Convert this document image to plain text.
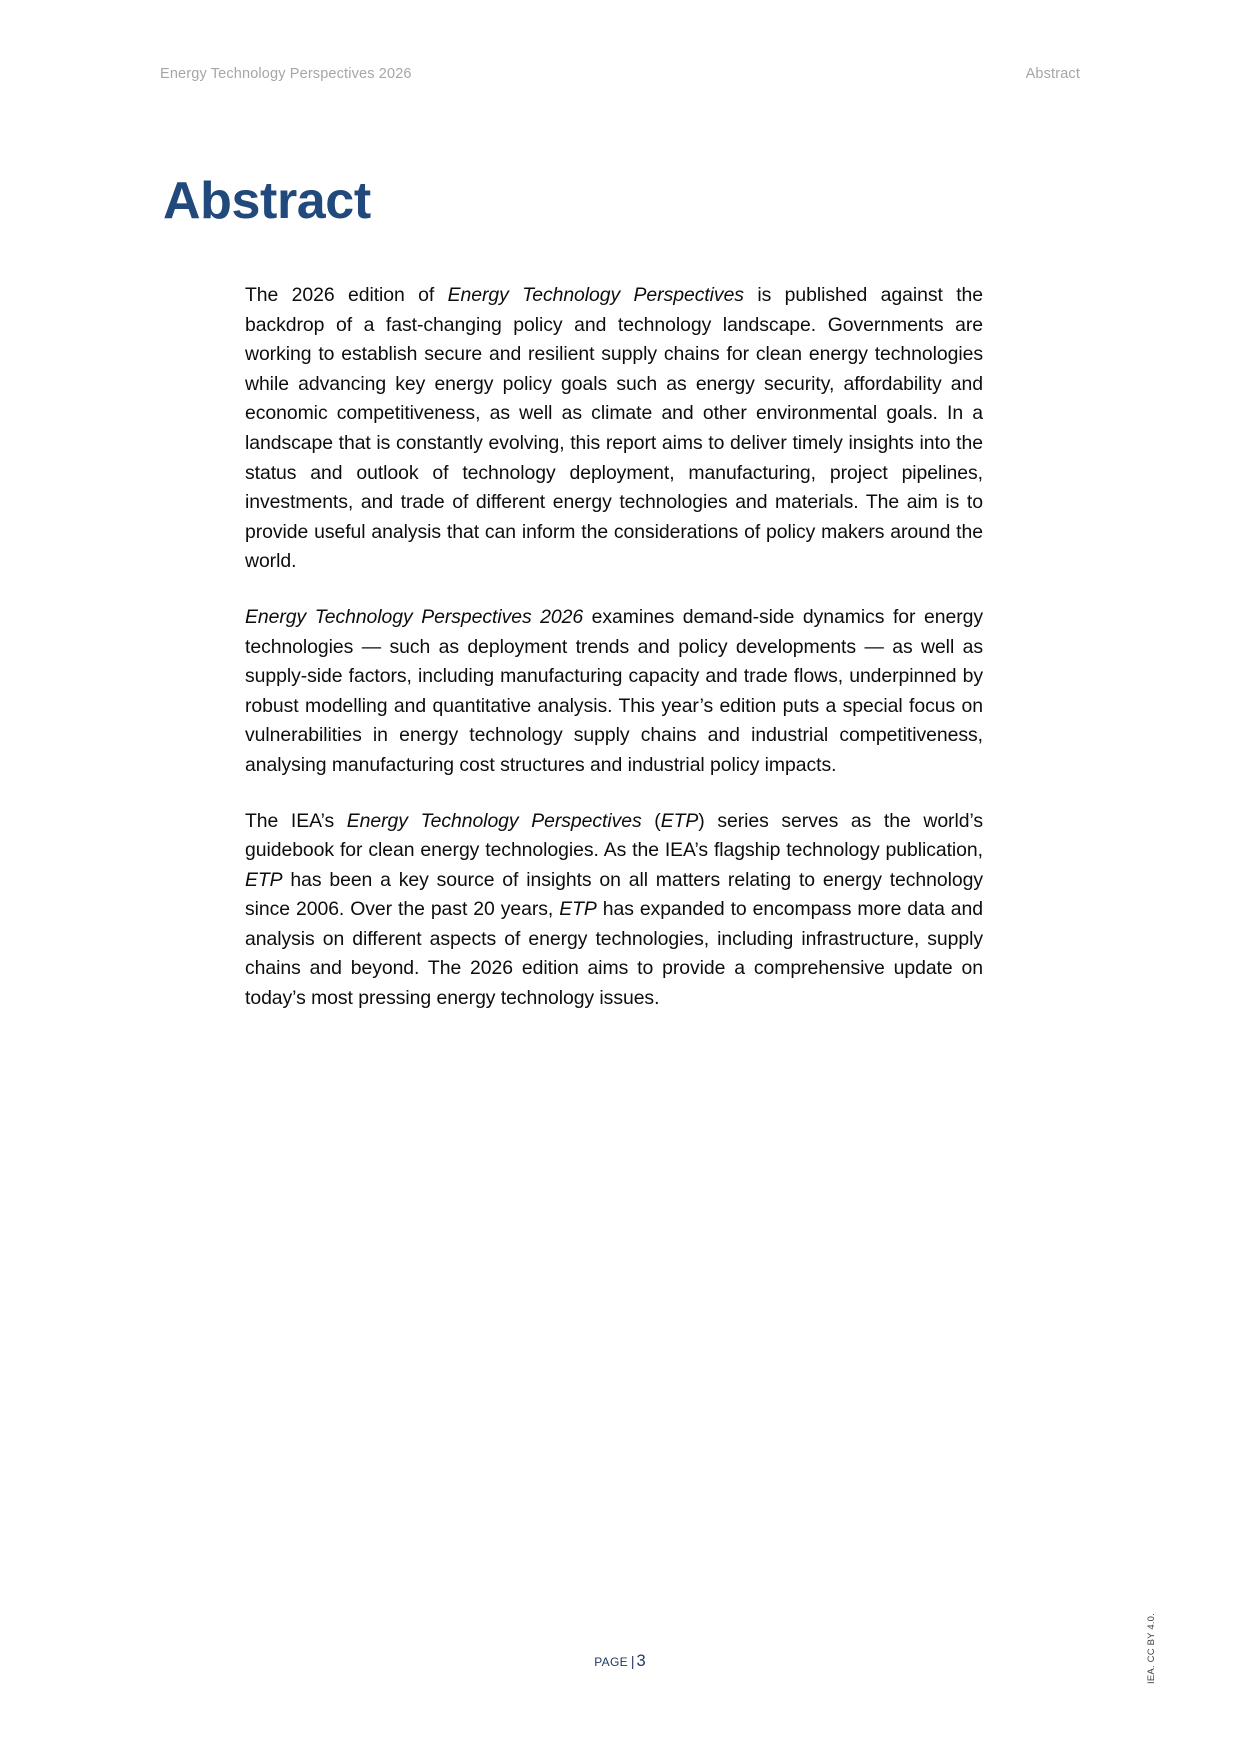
Energy Technology Perspectives 2026	Abstract
Abstract

The 2026 edition of Energy Technology Perspectives is published against the backdrop of a fast-changing policy and technology landscape. Governments are working to establish secure and resilient supply chains for clean energy technologies while advancing key energy policy goals such as energy security, affordability and economic competitiveness, as well as climate and other environmental goals. In a landscape that is constantly evolving, this report aims to deliver timely insights into the status and outlook of technology deployment, manufacturing, project pipelines, investments, and trade of different energy technologies and materials. The aim is to provide useful analysis that can inform the considerations of policy makers around the world.

Energy Technology Perspectives 2026 examines demand-side dynamics for energy technologies — such as deployment trends and policy developments — as well as supply-side factors, including manufacturing capacity and trade flows, underpinned by robust modelling and quantitative analysis. This year’s edition puts a special focus on vulnerabilities in energy technology supply chains and industrial competitiveness, analysing manufacturing cost structures and industrial policy impacts.

The IEA’s Energy Technology Perspectives (ETP) series serves as the world’s guidebook for clean energy technologies. As the IEA’s flagship technology publication, ETP has been a key source of insights on all matters relating to energy technology since 2006. Over the past 20 years, ETP has expanded to encompass more data and analysis on different aspects of energy technologies, including infrastructure, supply chains and beyond. The 2026 edition aims to provide a comprehensive update on today’s most pressing energy technology issues.

page | 3	IEA. CC BY 4.0.
